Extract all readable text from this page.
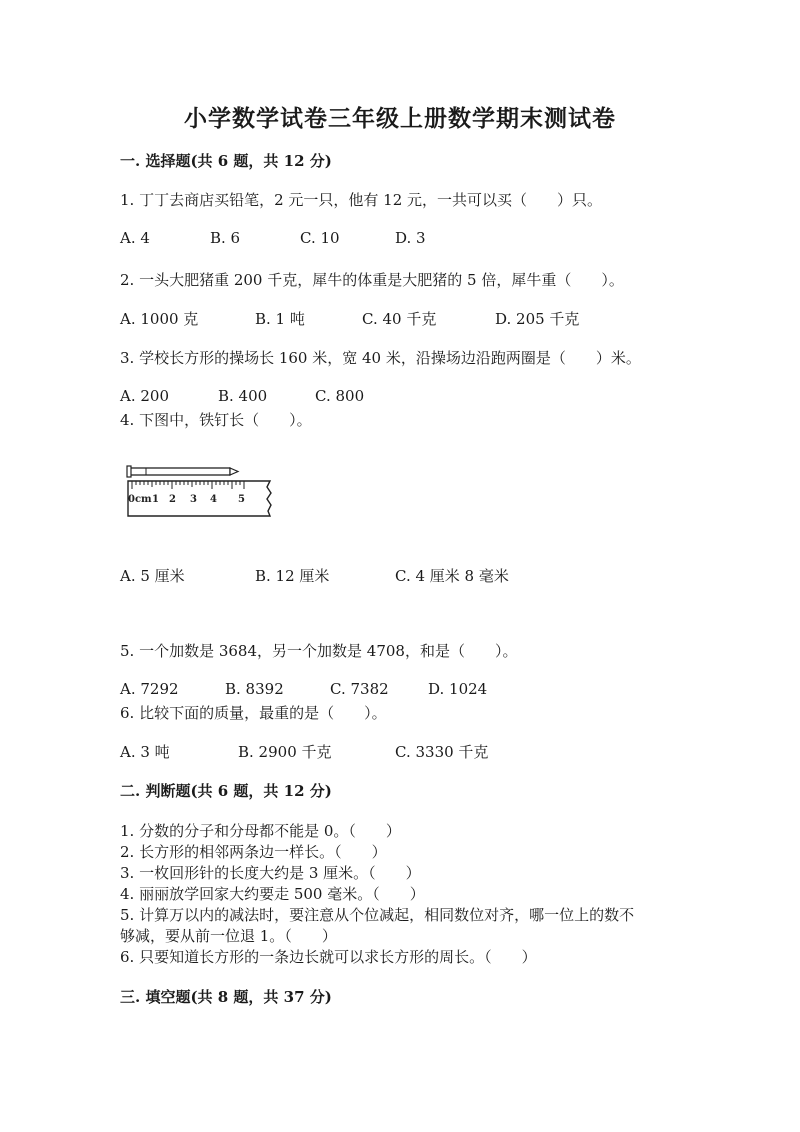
小学数学试卷三年级上册数学期末测试卷
一. 选择题(共 6 题，共 12 分)
1. 丁丁去商店买铅笔，2 元一只，他有 12 元，一共可以买（　　）只。
A. 4	B. 6	C. 10	D. 3
2. 一头大肥猪重 200 千克，犀牛的体重是大肥猪的 5 倍，犀牛重（　　）。
A. 1000 克	B. 1 吨	C. 40 千克	D. 205 千克
3. 学校长方形的操场长 160 米，宽 40 米，沿操场边沿跑两圈是（　　）米。
A. 200	B. 400	C. 800
4. 下图中，铁钉长（　　）。
0cm 2 3 4 5
1
A. 5 厘米	B. 12 厘米	C. 4 厘米 8 毫米
5. 一个加数是 3684，另一个加数是 4708，和是（　　）。
A. 7292	B. 8392	C. 7382	D. 1024
6. 比较下面的质量，最重的是（　　）。
A. 3 吨	B. 2900 千克	C. 3330 千克
二. 判断题(共 6 题，共 12 分)
1. 分数的分子和分母都不能是 0。（　　）
2. 长方形的相邻两条边一样长。（　　）
3. 一枚回形针的长度大约是 3 厘米。（　　）
4. 丽丽放学回家大约要走 500 毫米。（　　）
5. 计算万以内的减法时，要注意从个位减起，相同数位对齐，哪一位上的数不
够减，要从前一位退 1。（　　）
6. 只要知道长方形的一条边长就可以求长方形的周长。（　　）
三. 填空题(共 8 题，共 37 分)
